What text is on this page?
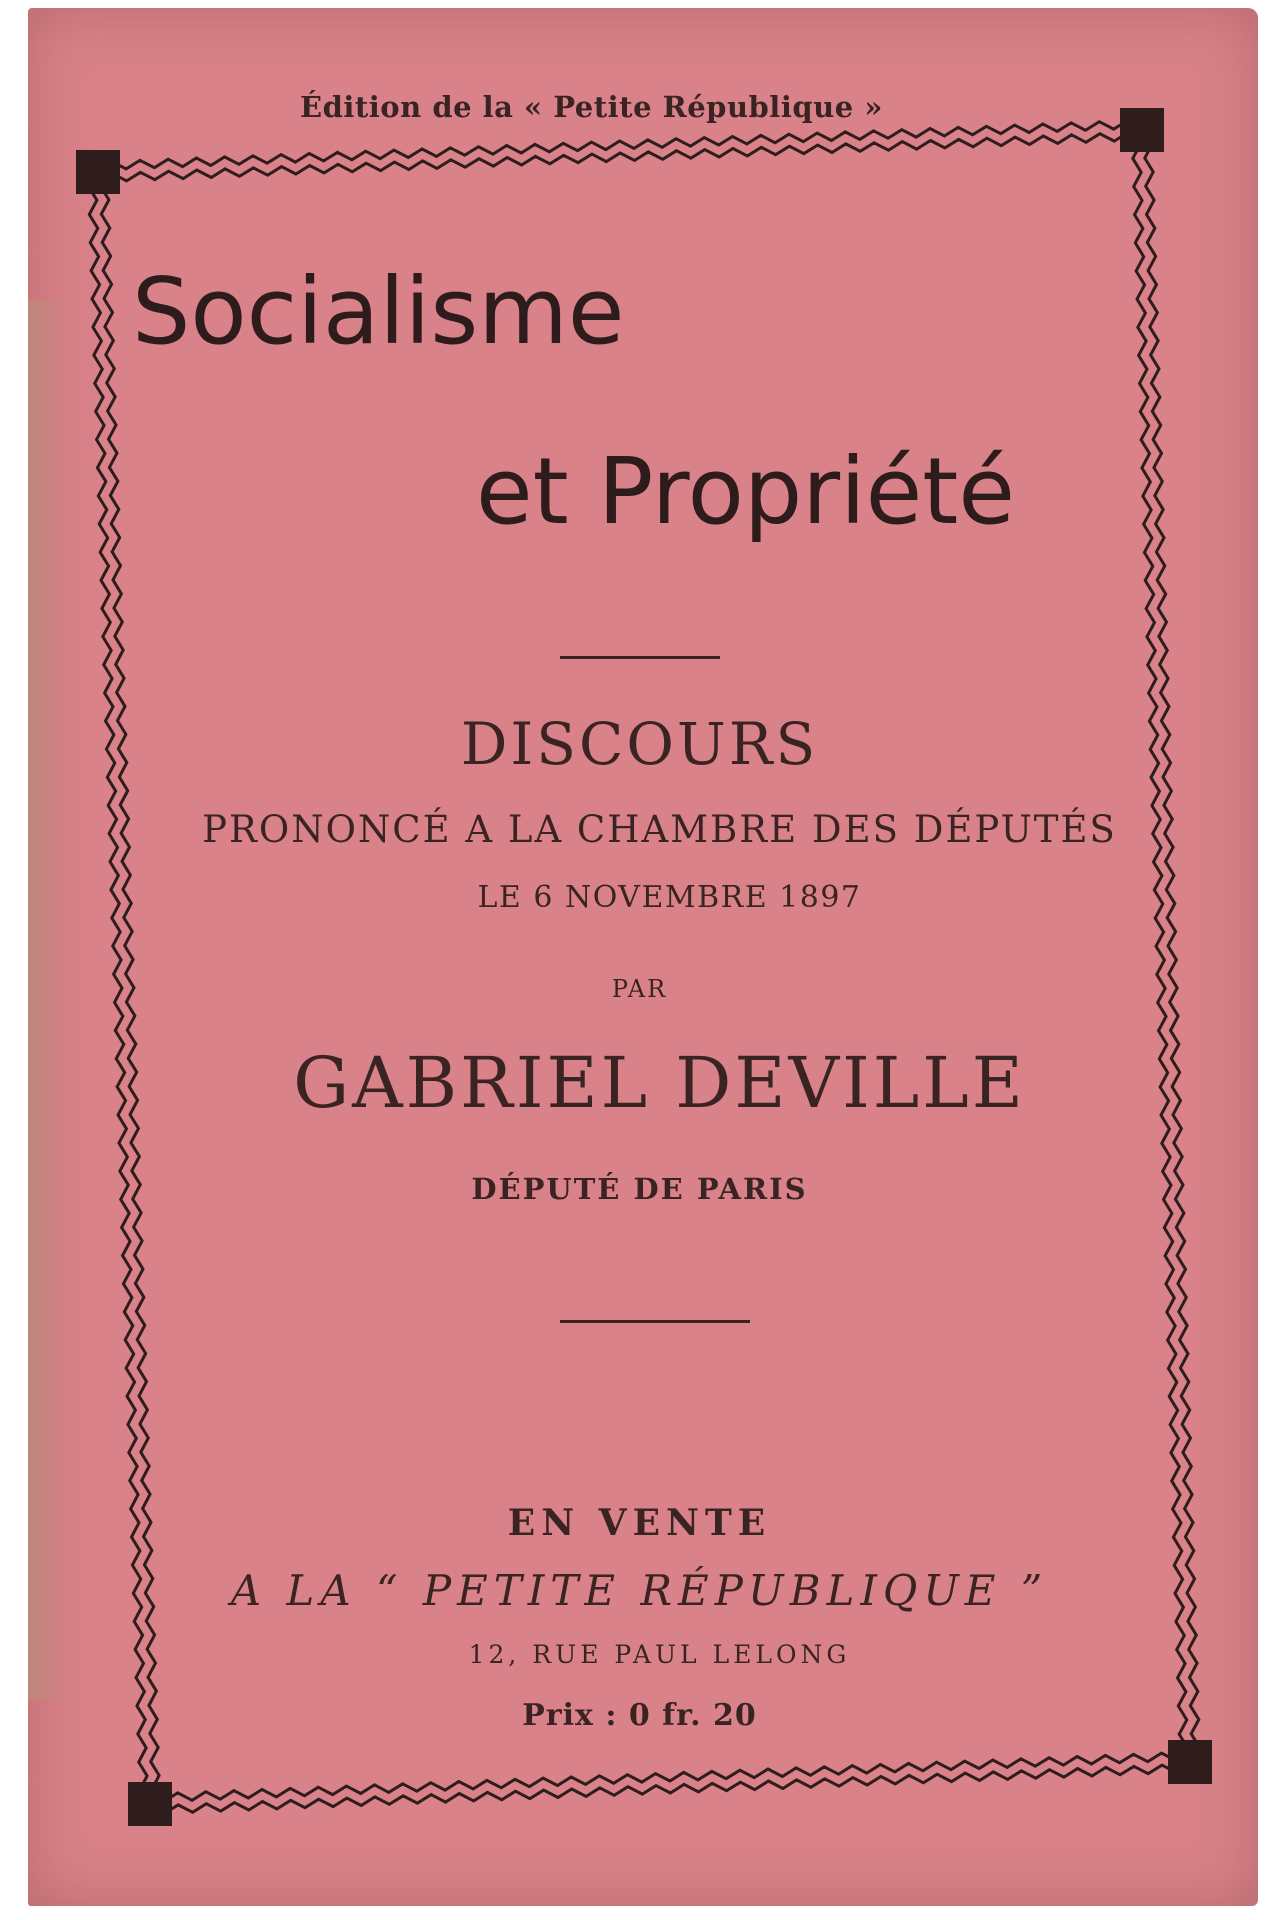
Édition de la « Petite République »
Socialisme
et Propriété
DISCOURS
PRONONCÉ A LA CHAMBRE DES DÉPUTÉS
LE 6 NOVEMBRE 1897
PAR
GABRIEL DEVILLE
DÉPUTÉ DE PARIS
EN VENTE
A LA “ PETITE RÉPUBLIQUE ”
12, RUE PAUL LELONG
Prix : 0 fr. 20
